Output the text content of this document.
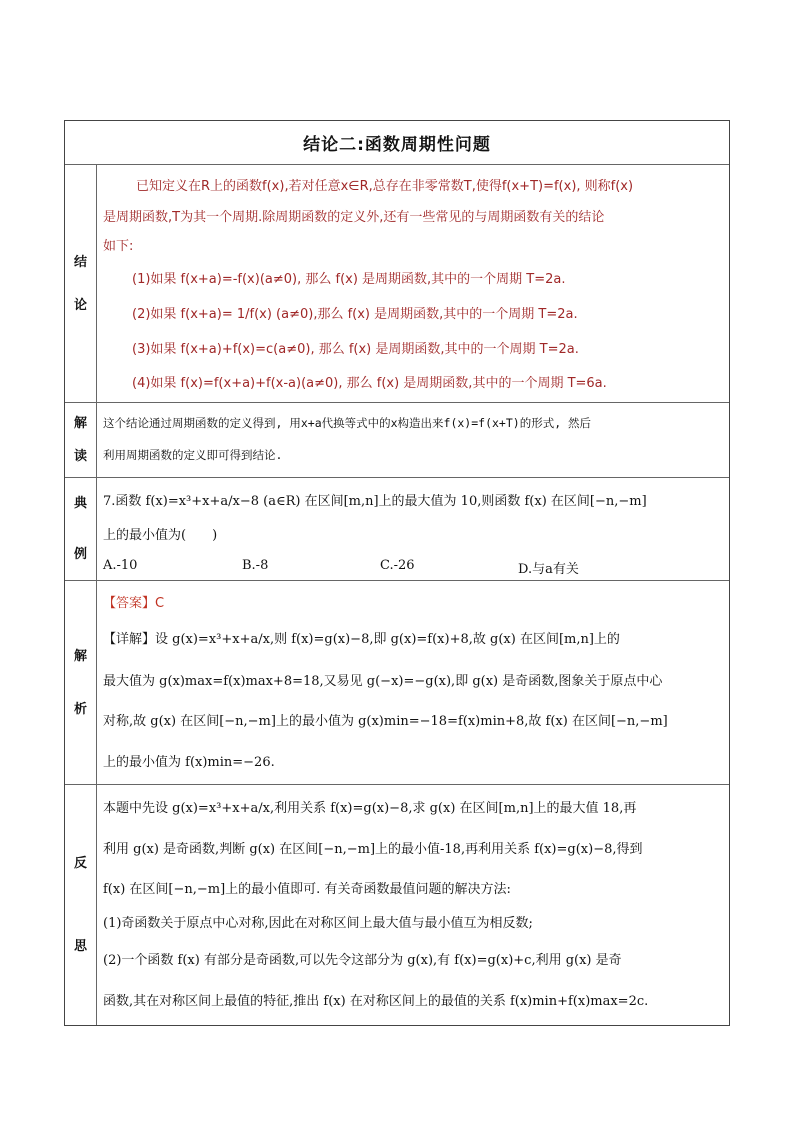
结论二:函数周期性问题
结
论
已知定义在R上的函数f(x),若对任意x∈R,总存在非零常数T,使得f(x+T)=f(x), 则称f(x)
是周期函数,T为其一个周期.除周期函数的定义外,还有一些常见的与周期函数有关的结论
如下:
(1)如果 f(x+a)=-f(x)(a≠0), 那么 f(x) 是周期函数,其中的一个周期 T=2a.
(2)如果 f(x+a)= 1/f(x) (a≠0),那么 f(x) 是周期函数,其中的一个周期 T=2a.
(3)如果 f(x+a)+f(x)=c(a≠0), 那么 f(x) 是周期函数,其中的一个周期 T=2a.
(4)如果 f(x)=f(x+a)+f(x-a)(a≠0), 那么 f(x) 是周期函数,其中的一个周期 T=6a.
解
读
这个结论通过周期函数的定义得到, 用x+a代换等式中的x构造出来f(x)=f(x+T)的形式, 然后
利用周期函数的定义即可得到结论.
典
例
7.函数 f(x)=x³+x+a/x−8 (a∈R) 在区间[m,n]上的最大值为 10,则函数 f(x) 在区间[−n,−m]
上的最小值为(　　)
A.-10	B.-8	C.-26	D.与a有关
解
析
【答案】C
【详解】设 g(x)=x³+x+a/x,则 f(x)=g(x)−8,即 g(x)=f(x)+8,故 g(x) 在区间[m,n]上的
最大值为 g(x)max=f(x)max+8=18,又易见 g(−x)=−g(x),即 g(x) 是奇函数,图象关于原点中心
对称,故 g(x) 在区间[−n,−m]上的最小值为 g(x)min=−18=f(x)min+8,故 f(x) 在区间[−n,−m]
上的最小值为 f(x)min=−26.
反
思
本题中先设 g(x)=x³+x+a/x,利用关系 f(x)=g(x)−8,求 g(x) 在区间[m,n]上的最大值 18,再
利用 g(x) 是奇函数,判断 g(x) 在区间[−n,−m]上的最小值-18,再利用关系 f(x)=g(x)−8,得到
f(x) 在区间[−n,−m]上的最小值即可. 有关奇函数最值问题的解决方法:
(1)奇函数关于原点中心对称,因此在对称区间上最大值与最小值互为相反数;
(2)一个函数 f(x) 有部分是奇函数,可以先令这部分为 g(x),有 f(x)=g(x)+c,利用 g(x) 是奇
函数,其在对称区间上最值的特征,推出 f(x) 在对称区间上的最值的关系 f(x)min+f(x)max=2c.
